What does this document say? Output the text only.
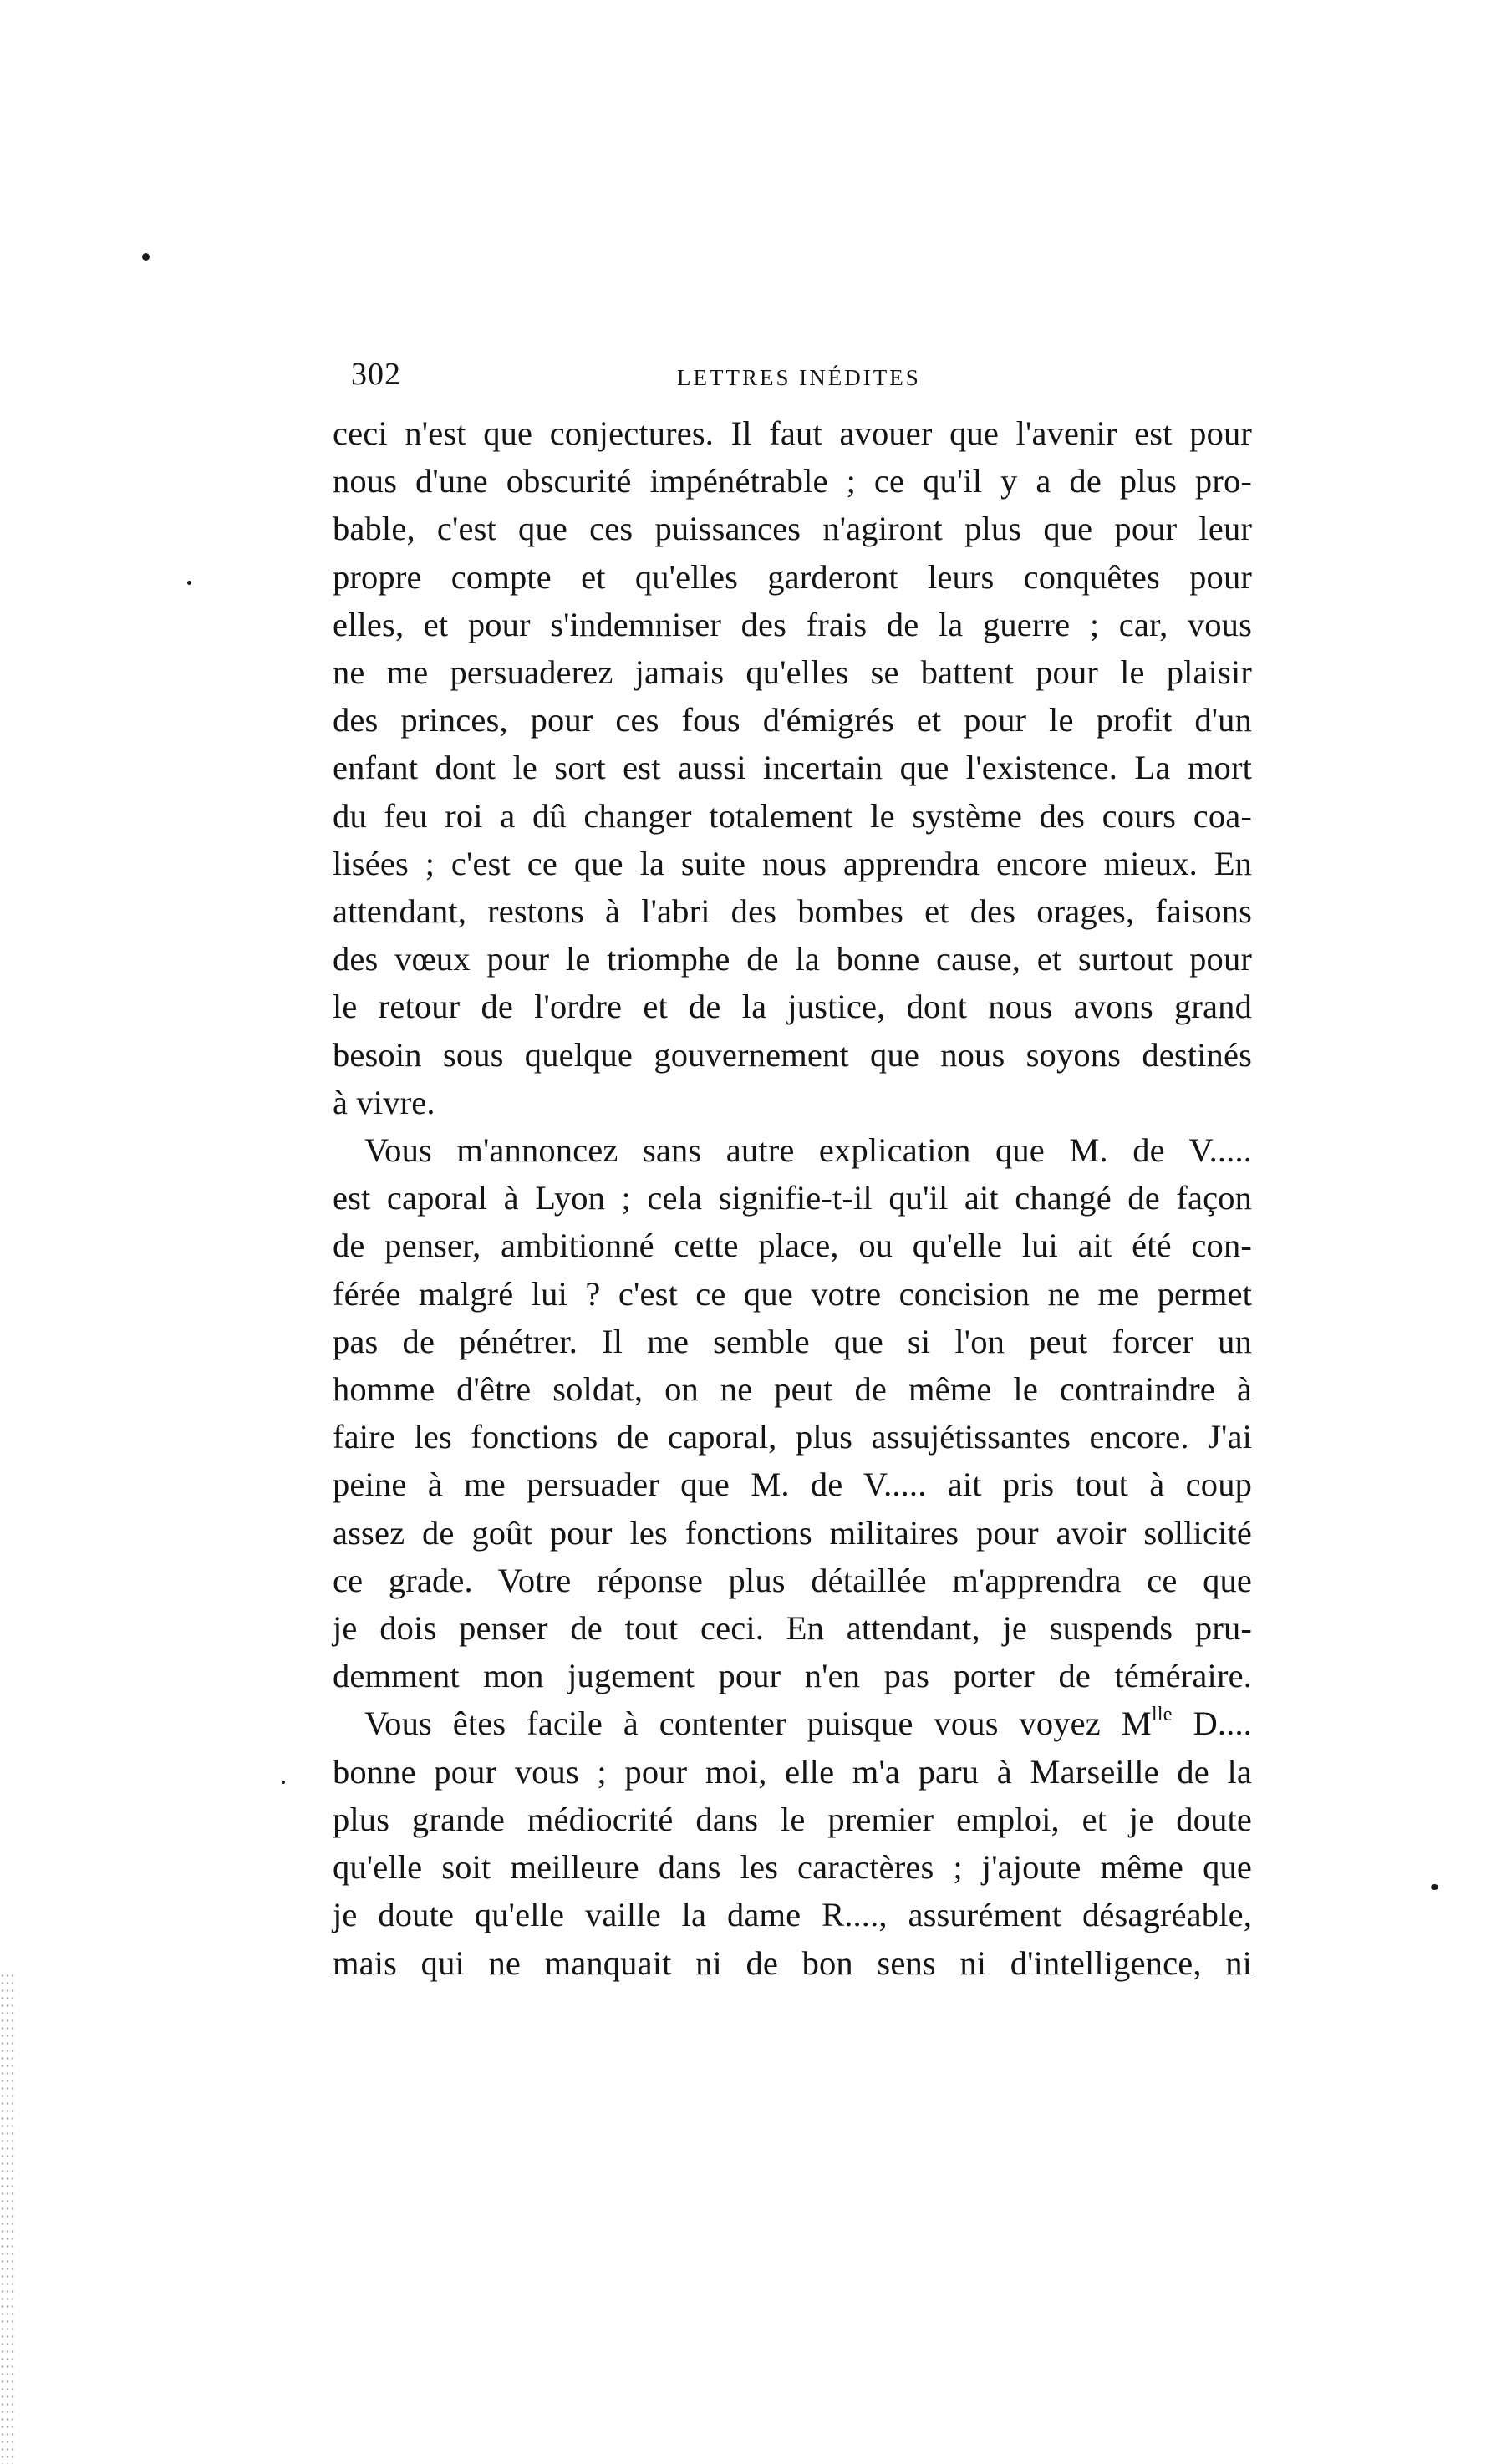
302	LETTRES INÉDITES
ceci n'est que conjectures. Il faut avouer que l'avenir est pour
nous d'une obscurité impénétrable ; ce qu'il y a de plus pro-
bable, c'est que ces puissances n'agiront plus que pour leur
propre compte et qu'elles garderont leurs conquêtes pour
elles, et pour s'indemniser des frais de la guerre ; car, vous
ne me persuaderez jamais qu'elles se battent pour le plaisir
des princes, pour ces fous d'émigrés et pour le profit d'un
enfant dont le sort est aussi incertain que l'existence. La mort
du feu roi a dû changer totalement le système des cours coa-
lisées ; c'est ce que la suite nous apprendra encore mieux. En
attendant, restons à l'abri des bombes et des orages, faisons
des vœux pour le triomphe de la bonne cause, et surtout pour
le retour de l'ordre et de la justice, dont nous avons grand
besoin sous quelque gouvernement que nous soyons destinés
à vivre.
Vous m'annoncez sans autre explication que M. de V.....
est caporal à Lyon ; cela signifie-t-il qu'il ait changé de façon
de penser, ambitionné cette place, ou qu'elle lui ait été con-
férée malgré lui ? c'est ce que votre concision ne me permet
pas de pénétrer. Il me semble que si l'on peut forcer un
homme d'être soldat, on ne peut de même le contraindre à
faire les fonctions de caporal, plus assujétissantes encore. J'ai
peine à me persuader que M. de V..... ait pris tout à coup
assez de goût pour les fonctions militaires pour avoir sollicité
ce grade. Votre réponse plus détaillée m'apprendra ce que
je dois penser de tout ceci. En attendant, je suspends pru-
demment mon jugement pour n'en pas porter de téméraire.
Vous êtes facile à contenter puisque vous voyez $M^{lle}$ D....
bonne pour vous ; pour moi, elle m'a paru à Marseille de la
plus grande médiocrité dans le premier emploi, et je doute
qu'elle soit meilleure dans les caractères ; j'ajoute même que
je doute qu'elle vaille la dame R...., assurément désagréable,
mais qui ne manquait ni de bon sens ni d'intelligence, ni
